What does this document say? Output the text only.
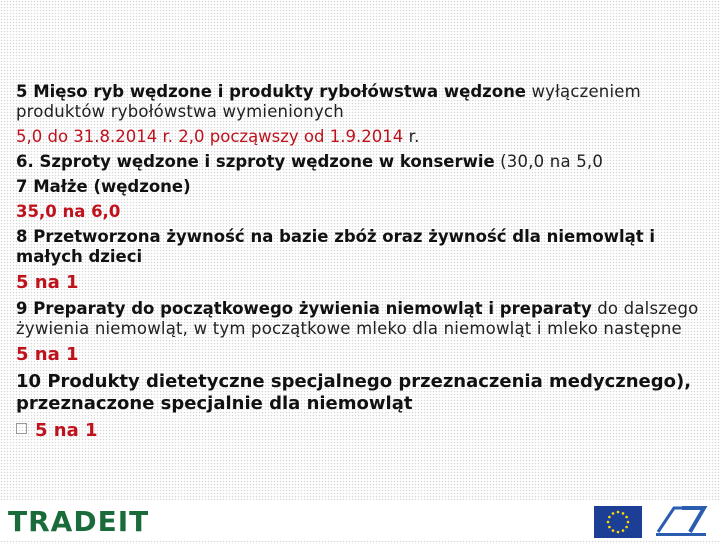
5 Mięso ryb wędzone i produkty rybołówstwa wędzone wyłączeniem produktów rybołówstwa wymienionych

5,0 do 31.8.2014 r. 2,0 począwszy od 1.9.2014 r.

6. Szproty wędzone i szproty wędzone w konserwie (30,0 na 5,0

7 Małże (wędzone)

35,0 na 6,0

8 Przetworzona żywność na bazie zbóż oraz żywność dla niemowląt i małych dzieci

5 na 1

9 Preparaty do początkowego żywienia niemowląt i preparaty do dalszego żywienia niemowląt, w tym początkowe mleko dla niemowląt i mleko następne

5 na 1

10 Produkty dietetyczne specjalnego przeznaczenia medycznego), przeznaczone specjalnie dla niemowląt

5 na 1

TRADEIT
